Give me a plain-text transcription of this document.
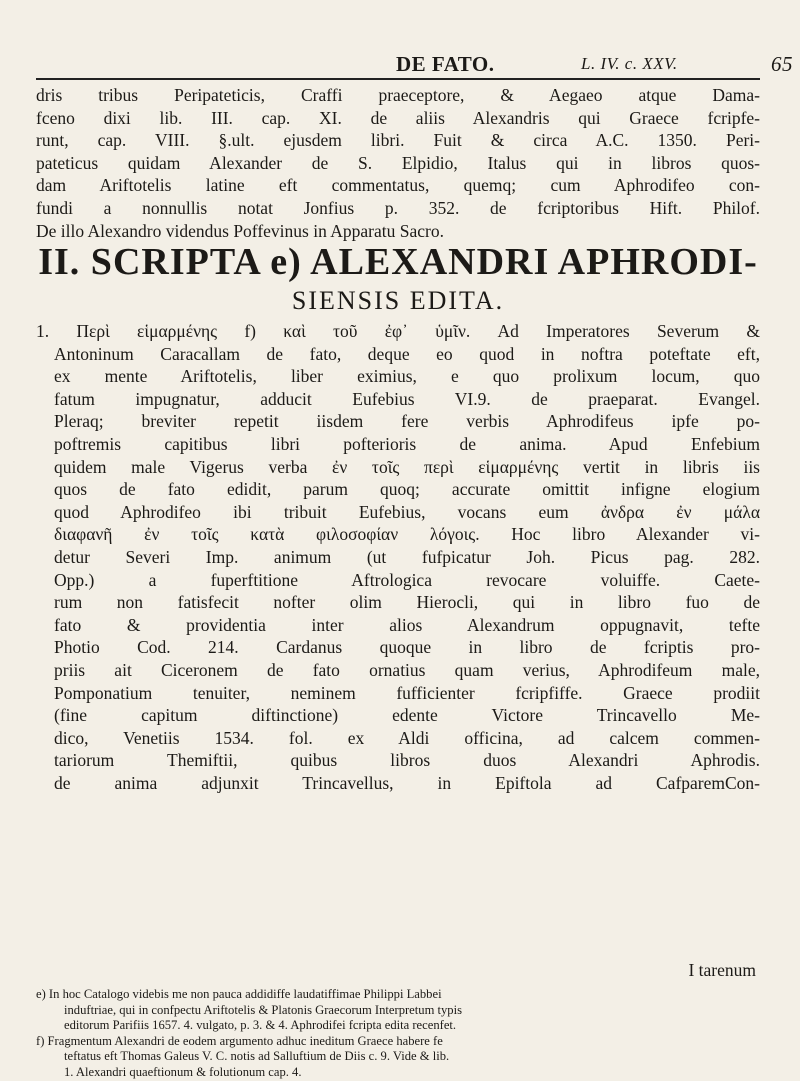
DE FATO.	L. IV. c. XXV.	65
dris tribus Peripateticis, Craffi praeceptore, & Aegaeo atque Dama-
fceno dixi lib. III. cap. XI. de aliis Alexandris qui Graece fcripfe-
runt, cap. VIII. §.ult. ejusdem libri. Fuit & circa A.C. 1350. Peri-
pateticus quidam Alexander de S. Elpidio, Italus qui in libros quos-
dam Ariftotelis latine eft commentatus, quemq; cum Aphrodifeo con-
fundi a nonnullis notat Jonfius p. 352. de fcriptoribus Hift. Philof.
De illo Alexandro videndus Poffevinus in Apparatu Sacro.
II. SCRIPTA e) ALEXANDRI APHRODI-
SIENSIS EDITA.
1. Περὶ εἱμαρμένης f) καὶ τοῦ ἐφ᾽ ὑμῖν. Ad Imperatores Severum &
Antoninum Caracallam de fato, deque eo quod in noftra poteftate eft,
ex mente Ariftotelis, liber eximius, e quo prolixum locum, quo
fatum impugnatur, adducit Eufebius VI.9. de praeparat. Evangel.
Pleraq; breviter repetit iisdem fere verbis Aphrodifeus ipfe po-
poftremis capitibus libri pofterioris de anima. Apud Enfebium
quidem male Vigerus verba ἐν τοῖς περὶ εἱμαρμένης vertit in libris iis
quos de fato edidit, parum quoq; accurate omittit infigne elogium
quod Aphrodifeo ibi tribuit Eufebius, vocans eum ἀνδρα ἐν μάλα
διαφανῆ ἐν τοῖς κατὰ φιλοσοφίαν λόγοις. Hoc libro Alexander vi-
detur Severi Imp. animum (ut fufpicatur Joh. Picus pag. 282.
Opp.) a fuperftitione Aftrologica revocare voluiffe. Caete-
rum non fatisfecit nofter olim Hierocli, qui in libro fuo de
fato & providentia inter alios Alexandrum oppugnavit, tefte
Photio Cod. 214. Cardanus quoque in libro de fcriptis pro-
priis ait Ciceronem de fato ornatius quam verius, Aphrodifeum male,
Pomponatium tenuiter, neminem fufficienter fcripfiffe. Graece prodiit
(fine capitum diftinctione) edente Victore Trincavello Me-
dico, Venetiis 1534. fol. ex Aldi officina, ad calcem commen-
tariorum Themiftii, quibus libros duos Alexandri Aphrodis.
de anima adjunxit Trincavellus, in Epiftola ad CafparemCon-
I tarenum
e) In hoc Catalogo videbis me non pauca addidiffe laudatiffimae Philippi Labbei
induftriae, qui in confpectu Ariftotelis & Platonis Graecorum Interpretum typis
editorum Parifiis 1657. 4. vulgato, p. 3. & 4. Aphrodifei fcripta edita recenfet.
f) Fragmentum Alexandri de eodem argumento adhuc ineditum Graece habere fe
teftatus eft Thomas Galeus V. C. notis ad Salluftium de Diis c. 9. Vide & lib.
1. Alexandri quaeftionum & folutionum cap. 4.
